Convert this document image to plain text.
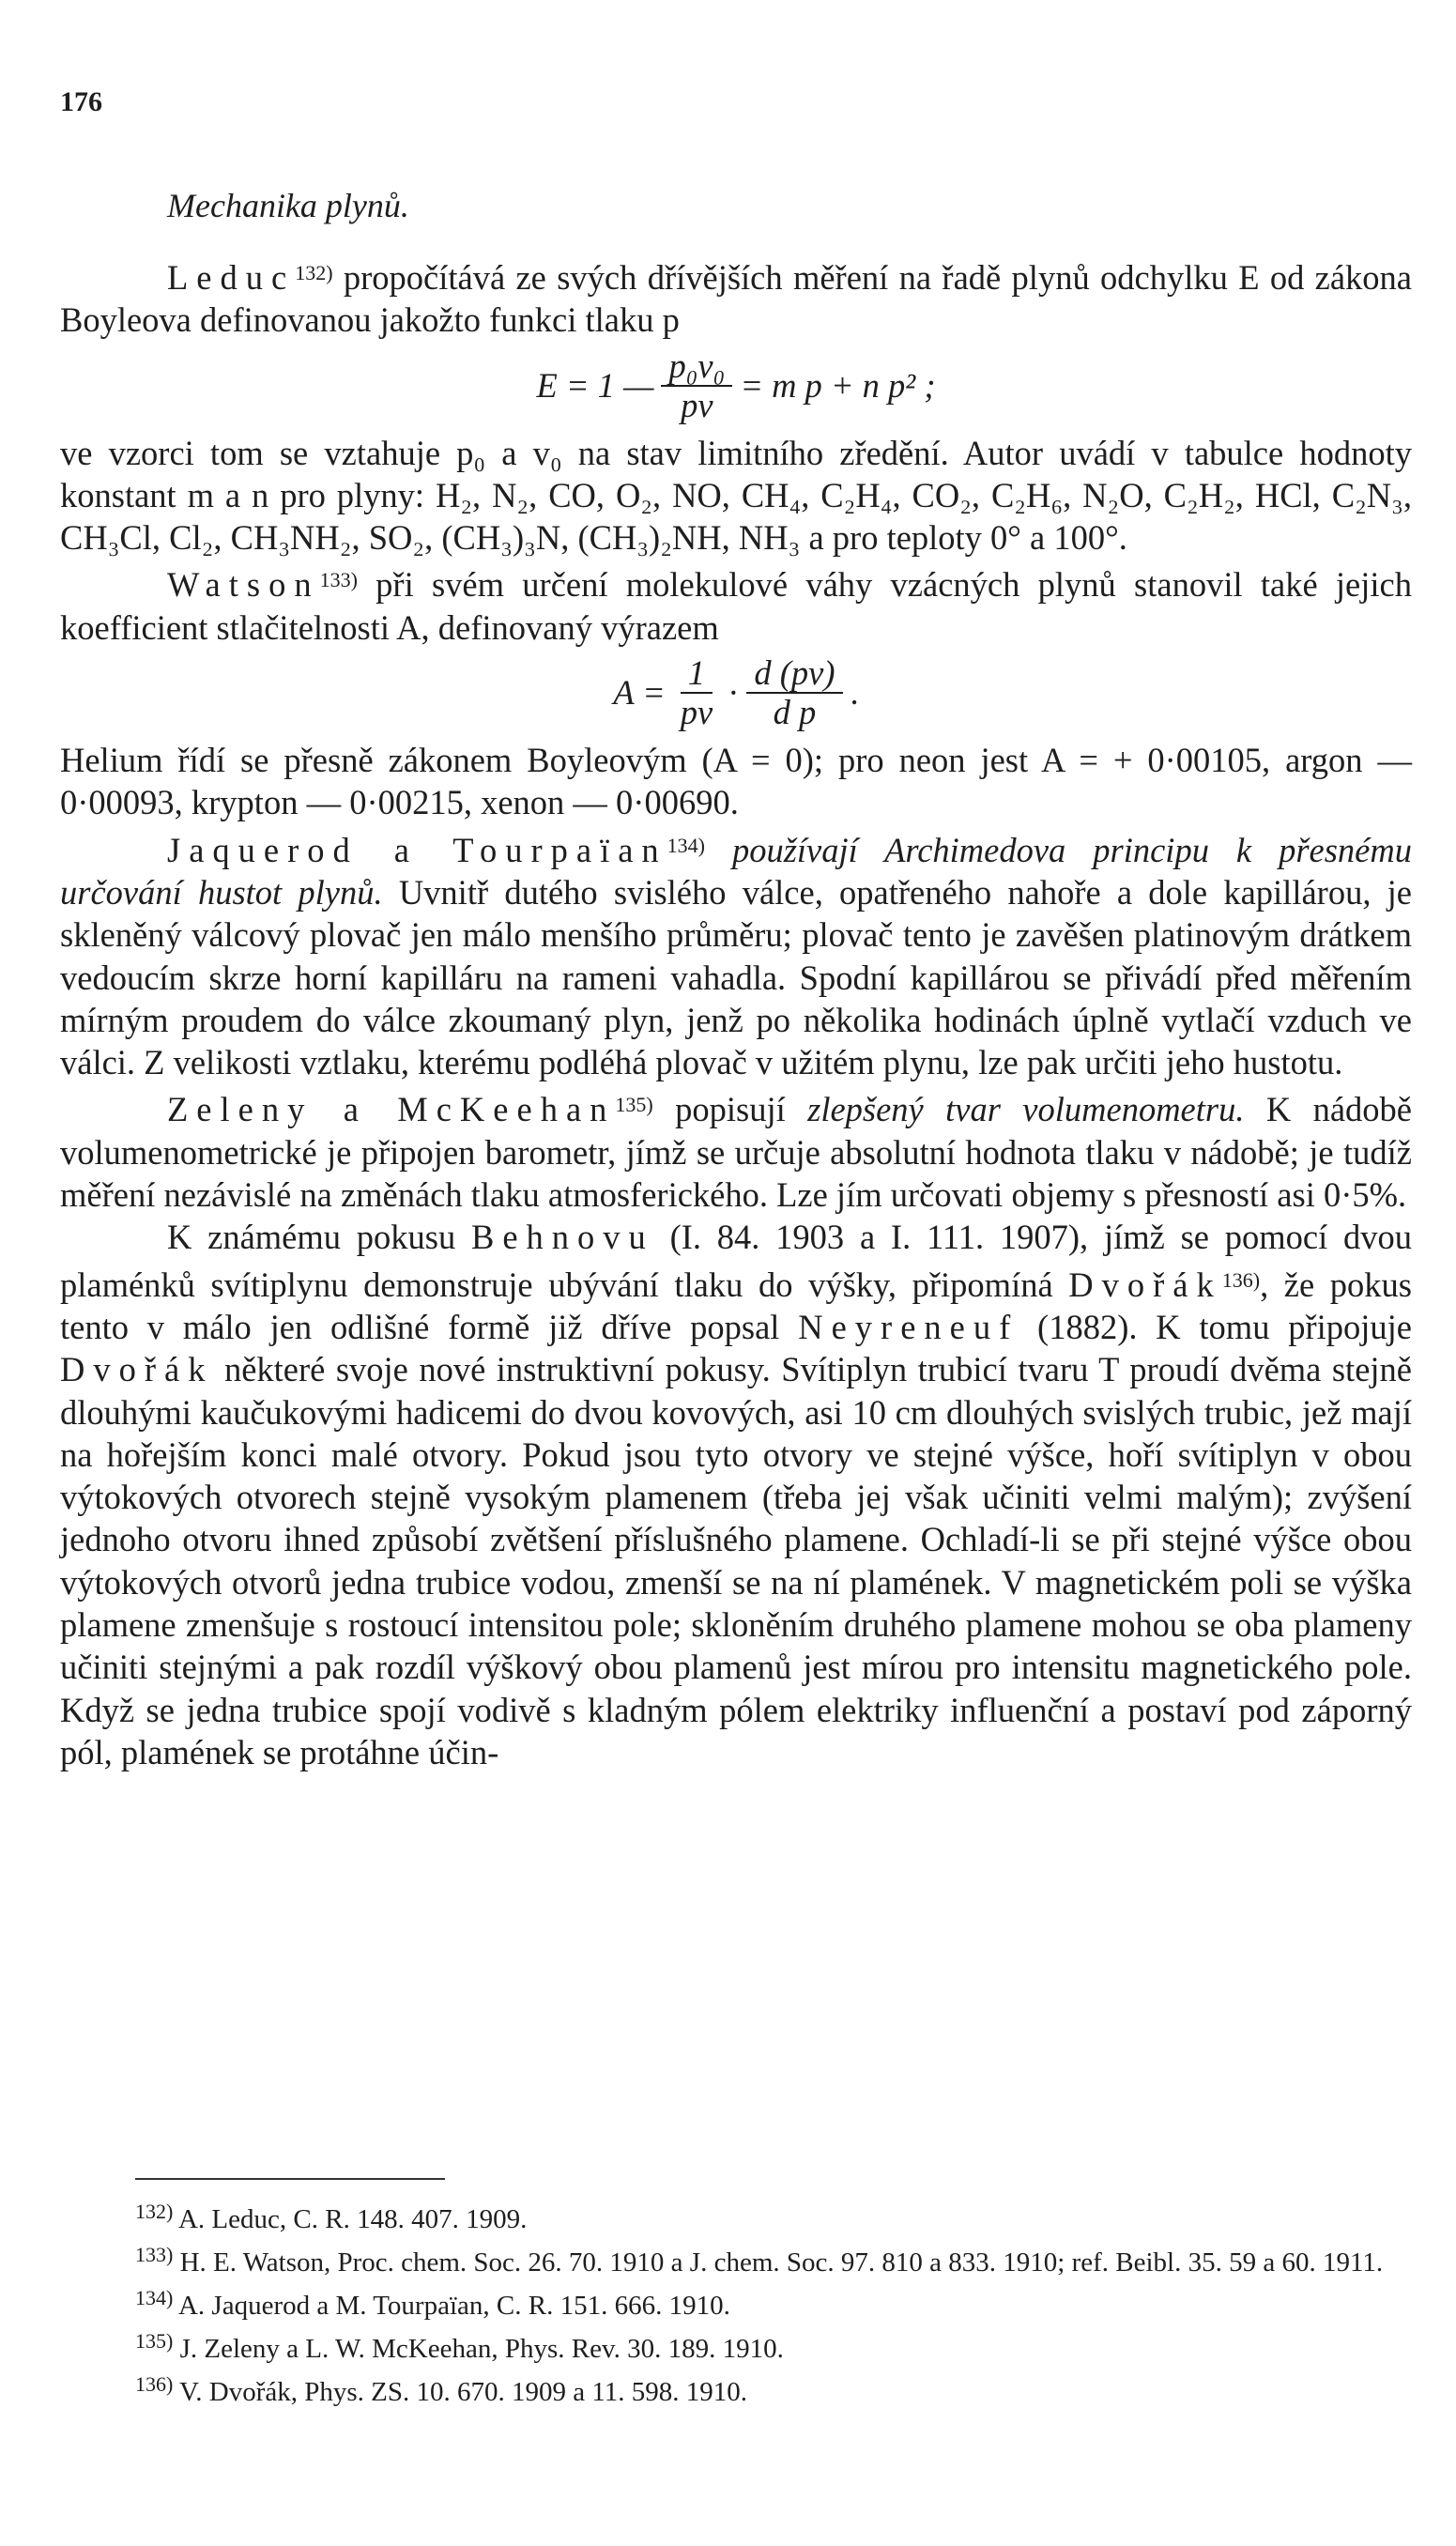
176
Mechanika plynů.

Leduc$^{132)}$ propočítává ze svých dřívějších měření na řadě plynů odchylku E od zákona Boyleova definovanou jakožto funkci tlaku p

E = 1 — $\frac{\text{p₀v₀}}{pv} = m$ p + n p² ;

ve vzorci tom se vztahuje p₀ a v₀ na stav limitního zředění. Autor uvádí v tabulce hodnoty konstant m a n pro plyny: H₂, N₂, CO, O₂, NO, CH₄, C₂H₄, CO₂, C₂H₆, N₂O, C₂H₂, HCl, C₂N₃, CH₃Cl, Cl₂, CH₃NH₂, SO₂, (CH₃)₃N, (CH₃)₂NH, NH₃ a pro teploty 0° a 100°.

Watson$^{133)}$ při svém určení molekulové váhy vzácných plynů stanovil také jejich koefficient stlačitelnosti A, definovaný výrazem

$A = \frac{1}{pv} \cdot \frac{d (pv)}{\text{d p}}$ .

Helium řídí se přesně zákonem Boyleovým (A = 0); pro neon jest A = + 0·00105, argon — 0·00093, krypton — 0·00215, xenon — 0·00690.

Jaquerod a Tourpaïan$^{134)}$ používají Archimedova principu k přesnému určování hustot plynů. Uvnitř dutého svislého válce, opatřeného nahoře a dole kapillárou, je skleněný válcový plovač jen málo menšího průměru; plovač tento je zavěšen platinovým drátkem vedoucím skrze horní kapilláru na rameni vahadla. Spodní kapillárou se přivádí před měřením mírným proudem do válce zkoumaný plyn, jenž po několika hodinách úplně vytlačí vzduch ve válci. Z velikosti vztlaku, kterému podléhá plovač v užitém plynu, lze pak určiti jeho hustotu.

Zeleny a McKeehan$^{135)}$ popisují zlepšený tvar volumenometru. K nádobě volumenometrické je připojen barometr, jímž se určuje absolutní hodnota tlaku v nádobě; je tudíž měření nezávislé na změnách tlaku atmosferického. Lze jím určovati objemy s přesností asi 0·5%.

K známému pokusu Behnovu (I. 84. 1903 a I. 111. 1907), jímž se pomocí dvou plaménků svítiplynu demonstruje ubývání tlaku do výšky, připomíná Dvořák$^{136)}$, že pokus tento v málo jen odlišné formě již dříve popsal Neyreneuf (1882). K tomu připojuje Dvořák některé svoje nové instruktivní pokusy. Svítiplyn trubicí tvaru T proudí dvěma stejně dlouhými kaučukovými hadicemi do dvou kovových, asi 10 cm dlouhých svislých trubic, jež mají na hořejším konci malé otvory. Pokud jsou tyto otvory ve stejné výšce, hoří svítiplyn v obou výtokových otvorech stejně vysokým plamenem (třeba jej však učiniti velmi malým); zvýšení jednoho otvoru ihned způsobí zvětšení příslušného plamene. Ochladí-li se při stejné výšce obou výtokových otvorů jedna trubice vodou, zmenší se na ní plamének. V magnetickém poli se výška plamene zmenšuje s rostoucí intensitou pole; skloněním druhého plamene mohou se oba plameny učiniti stejnými a pak rozdíl výškový obou plamenů jest mírou pro intensitu magnetického pole. Když se jedna trubice spojí vodivě s kladným pólem elektriky influenční a postaví pod záporný pól, plamének se protáhne účin-

$^{132)}$ A. Leduc, C. R. 148. 407. 1909.

$^{133)}$ H. E. Watson, Proc. chem. Soc. 26. 70. 1910 a J. chem. Soc. 97. 810 a 833. 1910; ref. Beibl. 35. 59 a 60. 1911.

$^{134)}$ A. Jaquerod a M. Tourpaïan, C. R. 151. 666. 1910.

$^{135)}$ J. Zeleny a L. W. McKeehan, Phys. Rev. 30. 189. 1910.

$^{136)}$ V. Dvořák, Phys. ZS. 10. 670. 1909 a 11. 598. 1910.
